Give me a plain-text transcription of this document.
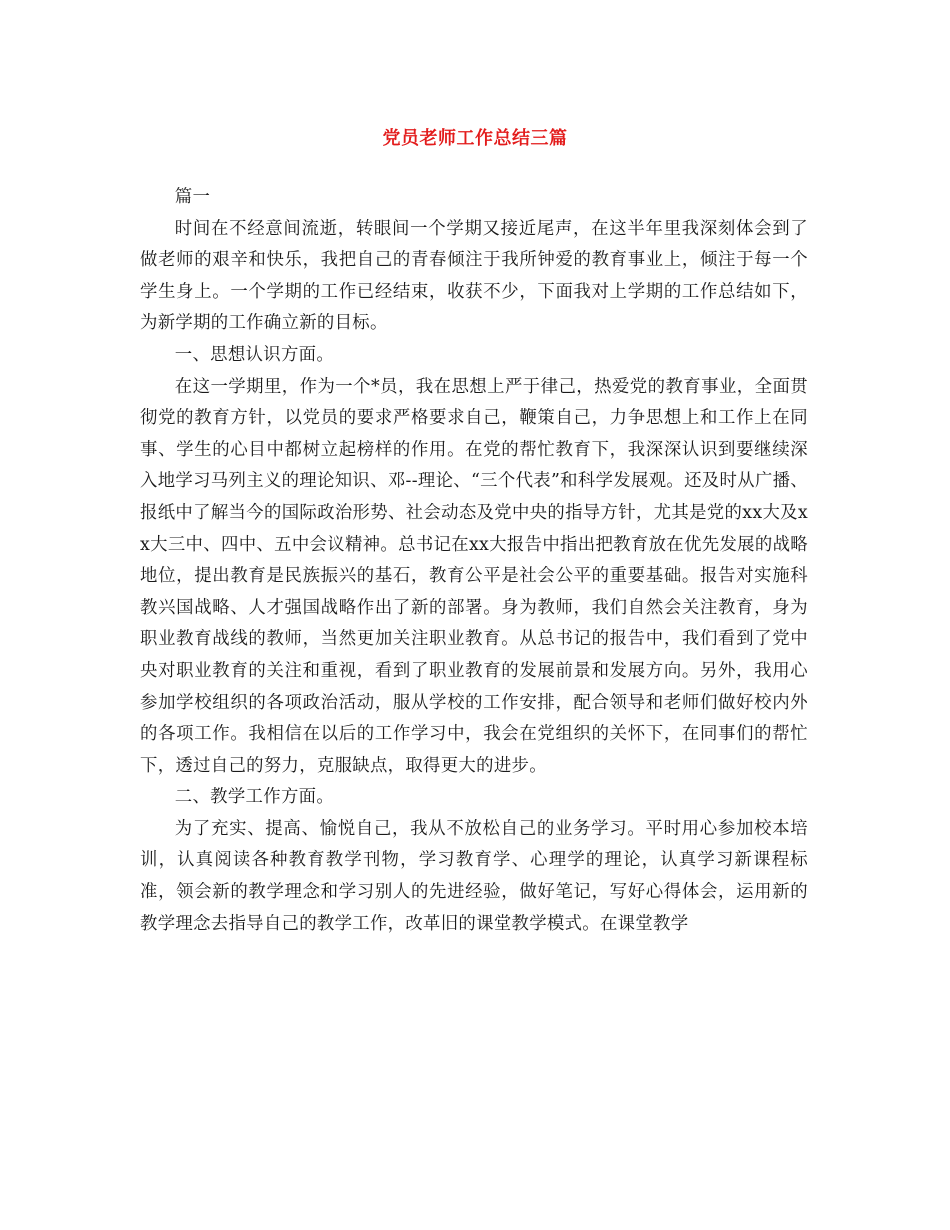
党员老师工作总结三篇

篇一

时间在不经意间流逝，转眼间一个学期又接近尾声，在这半年里我深刻体会到了做老师的艰辛和快乐，我把自己的青春倾注于我所钟爱的教育事业上，倾注于每一个学生身上。一个学期的工作已经结束，收获不少，下面我对上学期的工作总结如下，为新学期的工作确立新的目标。

一、思想认识方面。

在这一学期里，作为一个*员，我在思想上严于律己，热爱党的教育事业，全面贯彻党的教育方针，以党员的要求严格要求自己，鞭策自己，力争思想上和工作上在同事、学生的心目中都树立起榜样的作用。在党的帮忙教育下，我深深认识到要继续深入地学习马列主义的理论知识、邓--理论、“三个代表”和科学发展观。还及时从广播、报纸中了解当今的国际政治形势、社会动态及党中央的指导方针，尤其是党的xx大及xx大三中、四中、五中会议精神。总书记在xx大报告中指出把教育放在优先发展的战略地位，提出教育是民族振兴的基石，教育公平是社会公平的重要基础。报告对实施科教兴国战略、人才强国战略作出了新的部署。身为教师，我们自然会关注教育，身为职业教育战线的教师，当然更加关注职业教育。从总书记的报告中，我们看到了党中央对职业教育的关注和重视，看到了职业教育的发展前景和发展方向。另外，我用心参加学校组织的各项政治活动，服从学校的工作安排，配合领导和老师们做好校内外的各项工作。我相信在以后的工作学习中，我会在党组织的关怀下，在同事们的帮忙下，透过自己的努力，克服缺点，取得更大的进步。

二、教学工作方面。

为了充实、提高、愉悦自己，我从不放松自己的业务学习。平时用心参加校本培训，认真阅读各种教育教学刊物，学习教育学、心理学的理论，认真学习新课程标准，领会新的教学理念和学习别人的先进经验，做好笔记，写好心得体会，运用新的教学理念去指导自己的教学工作，改革旧的课堂教学模式。在课堂教学
